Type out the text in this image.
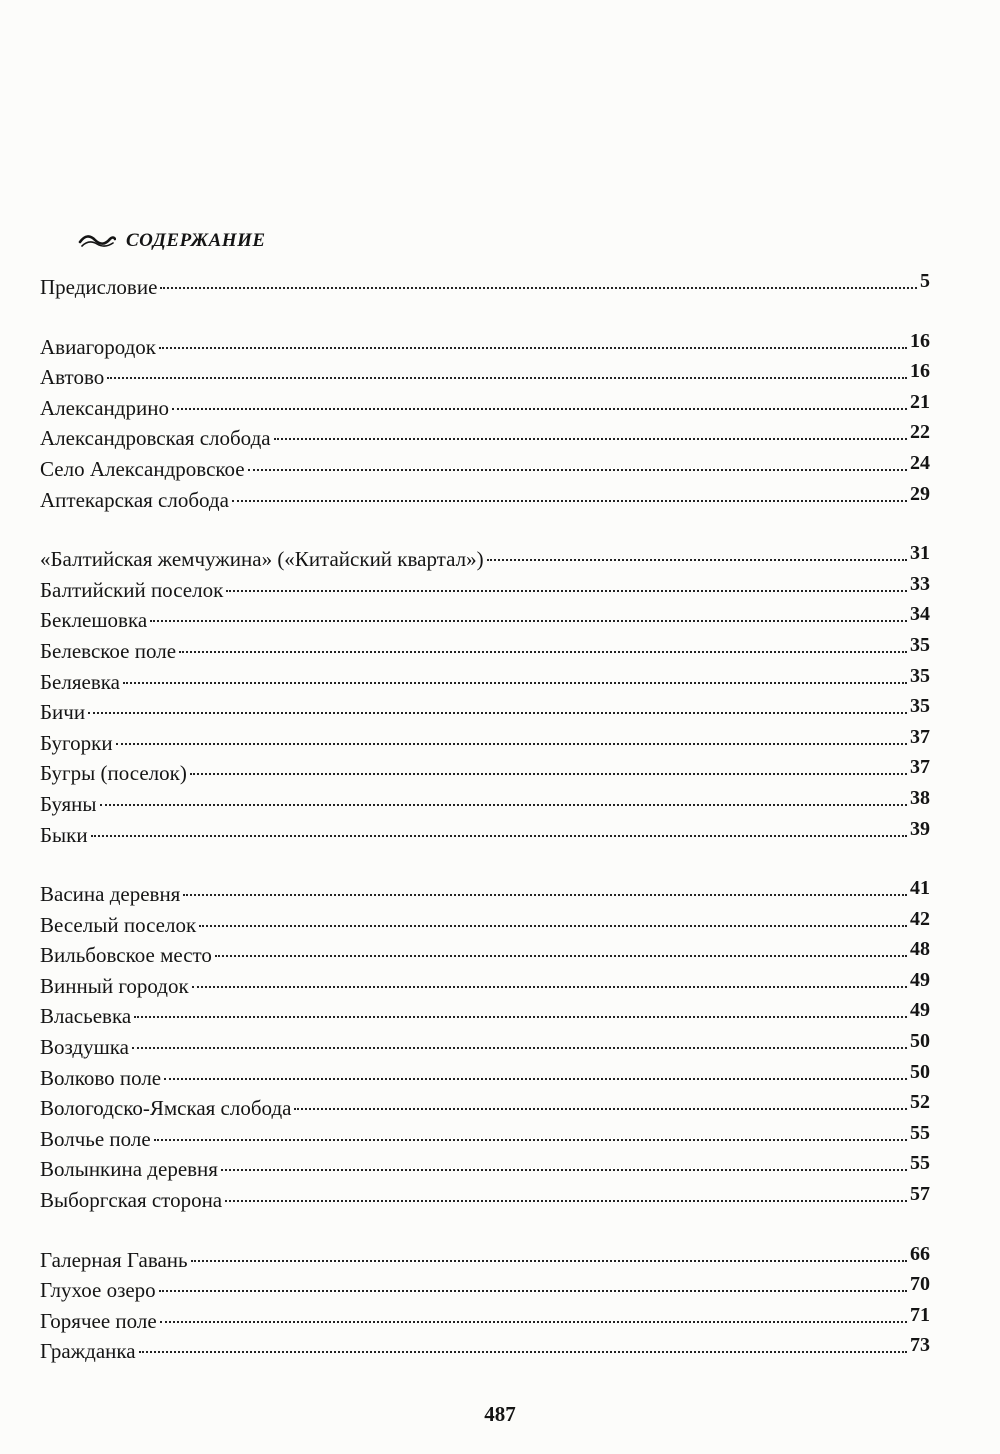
СОДЕРЖАНИЕ
Предисловие	5
Авиагородок	16
Автово	16
Александрино	21
Александровская слобода	22
Село Александровское	24
Аптекарская слобода	29
«Балтийская жемчужина» («Китайский квартал»)	31
Балтийский поселок	33
Беклешовка	34
Белевское поле	35
Беляевка	35
Бичи	35
Бугорки	37
Бугры (поселок)	37
Буяны	38
Быки	39
Васина деревня	41
Веселый поселок	42
Вильбовское место	48
Винный городок	49
Власьевка	49
Воздушка	50
Волково поле	50
Вологодско-Ямская слобода	52
Волчье поле	55
Волынкина деревня	55
Выборгская сторона	57
Галерная Гавань	66
Глухое озеро	70
Горячее поле	71
Гражданка	73
487
